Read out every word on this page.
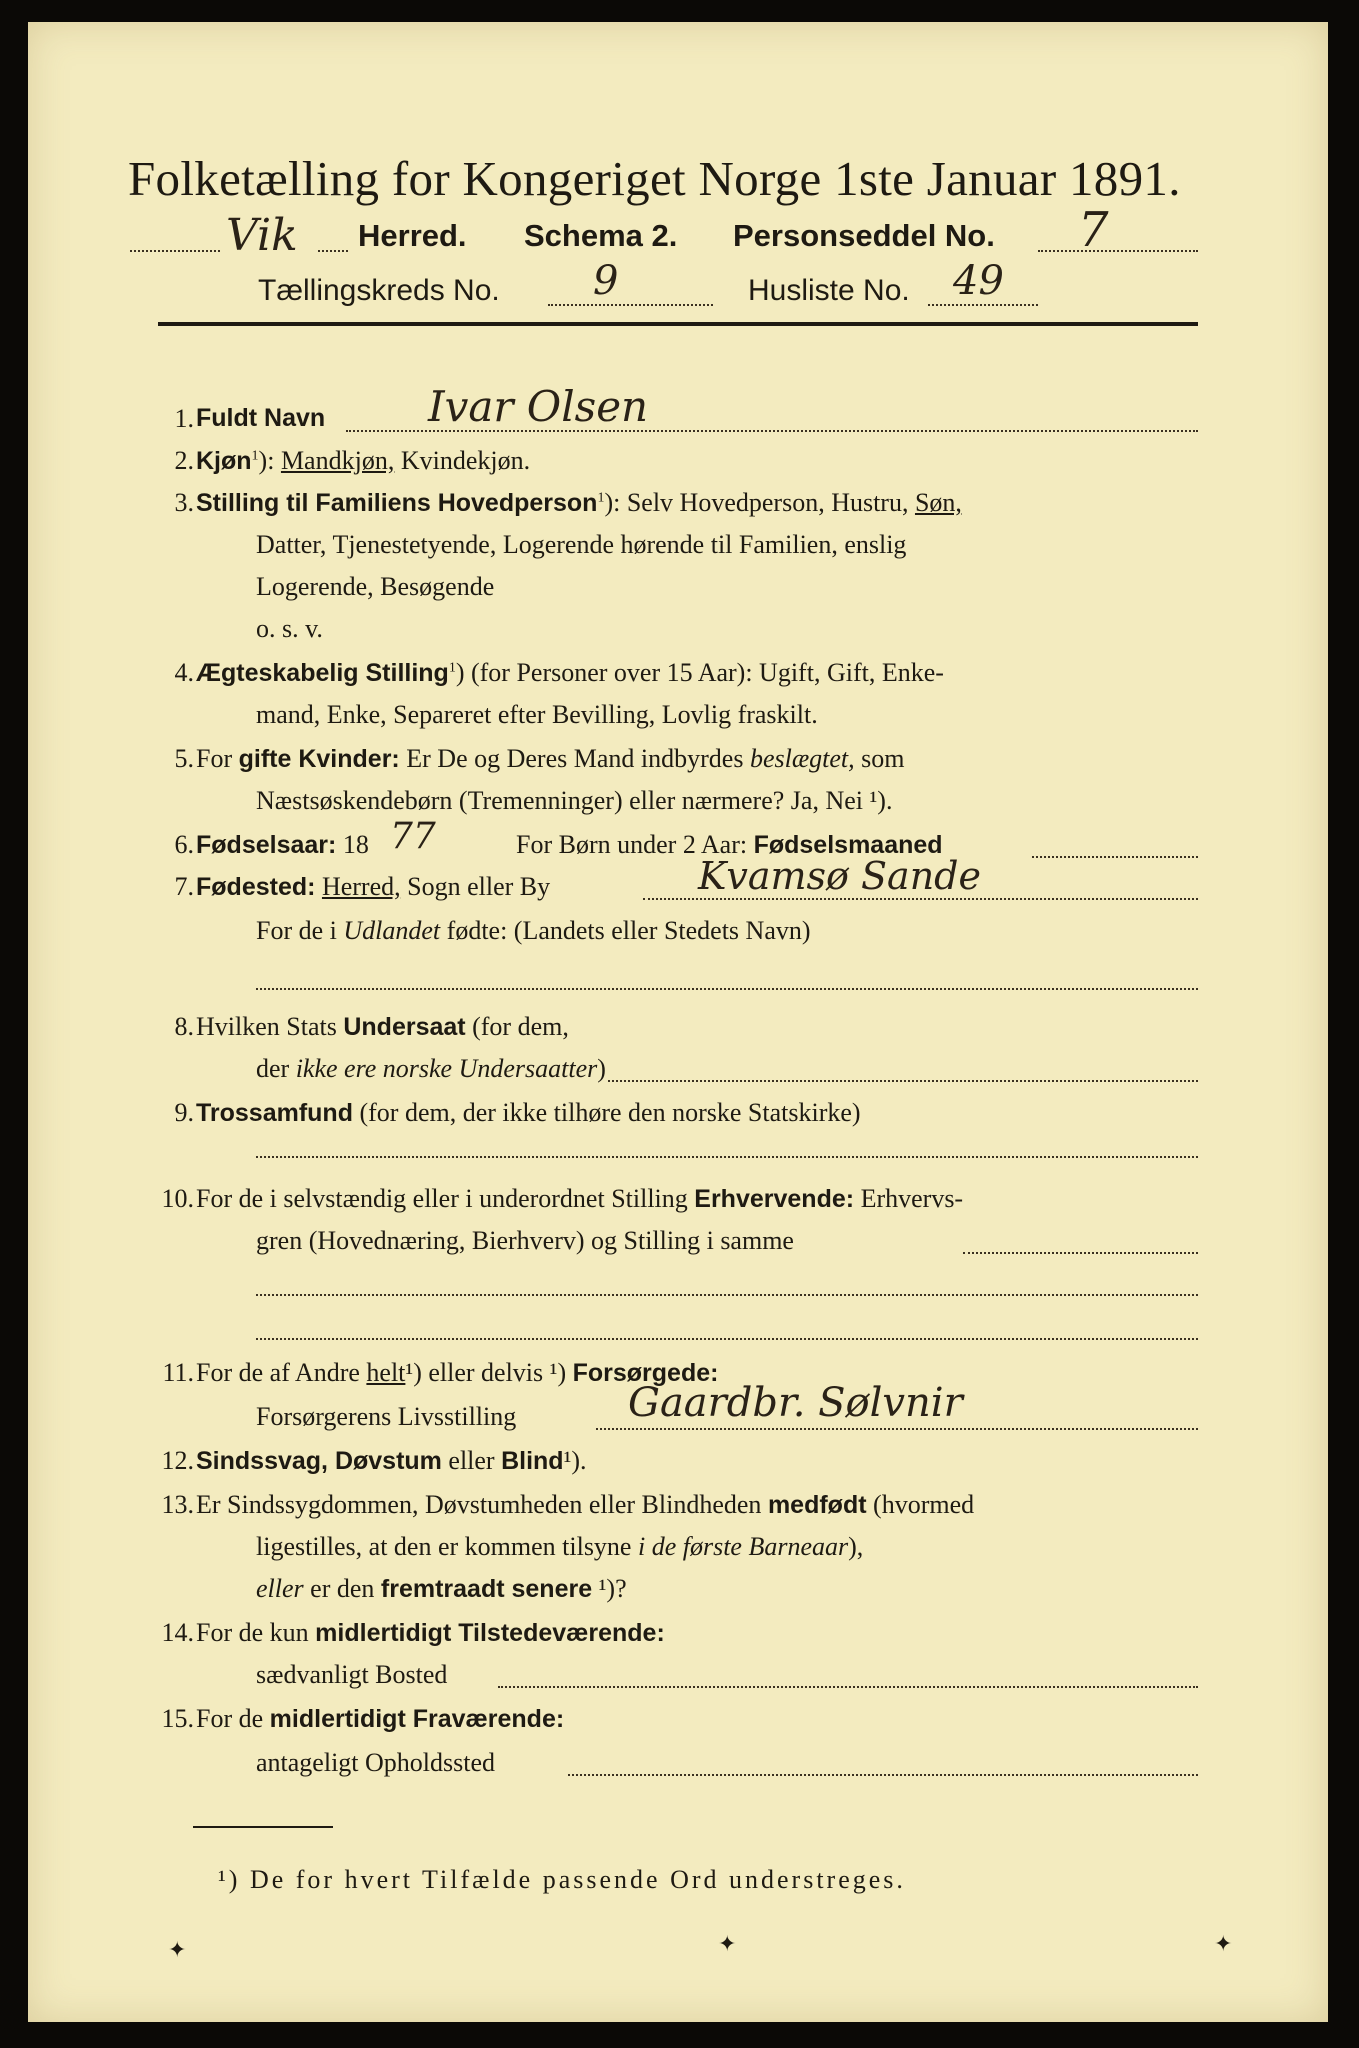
Folketælling for Kongeriget Norge 1ste Januar 1891.
Vik Herred. Schema 2. Personseddel No. 7
Tællingskreds No. 9	Husliste No. 49
1. Fuldt Navn Ivar Olsen
2. Kjøn$^1$): Mandkjøn, Kvindekjøn.
3. Stilling til Familiens Hovedperson$^1$): Selv Hovedperson, Hustru, Søn,
Datter, Tjenestetyende, Logerende hørende til Familien, enslig
Logerende, Besøgende
o. s. v.
4. Ægteskabelig Stilling$^1$) (for Personer over 15 Aar): Ugift, Gift, Enke-
mand, Enke, Separeret efter Bevilling, Lovlig fraskilt.
5. For gifte Kvinder: Er De og Deres Mand indbyrdes beslægtet, som
Næstsøskendebørn (Tremenninger) eller nærmere? Ja, Nei ¹).
6. Fødselsaar: 18 77	For Børn under 2 Aar: Fødselsmaaned
7. Fødested: Herred, Sogn eller By	Kvamsø Sande
For de i Udlandet fødte: (Landets eller Stedets Navn)
8. Hvilken Stats Undersaat (for dem,
der ikke ere norske Undersaatter)
9. Trossamfund (for dem, der ikke tilhøre den norske Statskirke)
10. For de i selvstændig eller i underordnet Stilling Erhvervende: Erhvervs-
gren (Hovednæring, Bierhverv) og Stilling i samme
11. For de af Andre helt¹) eller delvis ¹) Forsørgede:
Forsørgerens Livsstilling	Gaardbr. Sølvnir
12. Sindssvag, Døvstum eller Blind¹).
13. Er Sindssygdommen, Døvstumheden eller Blindheden medfødt (hvormed
ligestilles, at den er kommen tilsyne i de første Barneaar),
eller er den fremtraadt senere ¹)?
14. For de kun midlertidigt Tilstedeværende:
sædvanligt Bosted
15. For de midlertidigt Fraværende:
antageligt Opholdssted
¹) De for hvert Tilfælde passende Ord understreges.
✦	✦	✦
